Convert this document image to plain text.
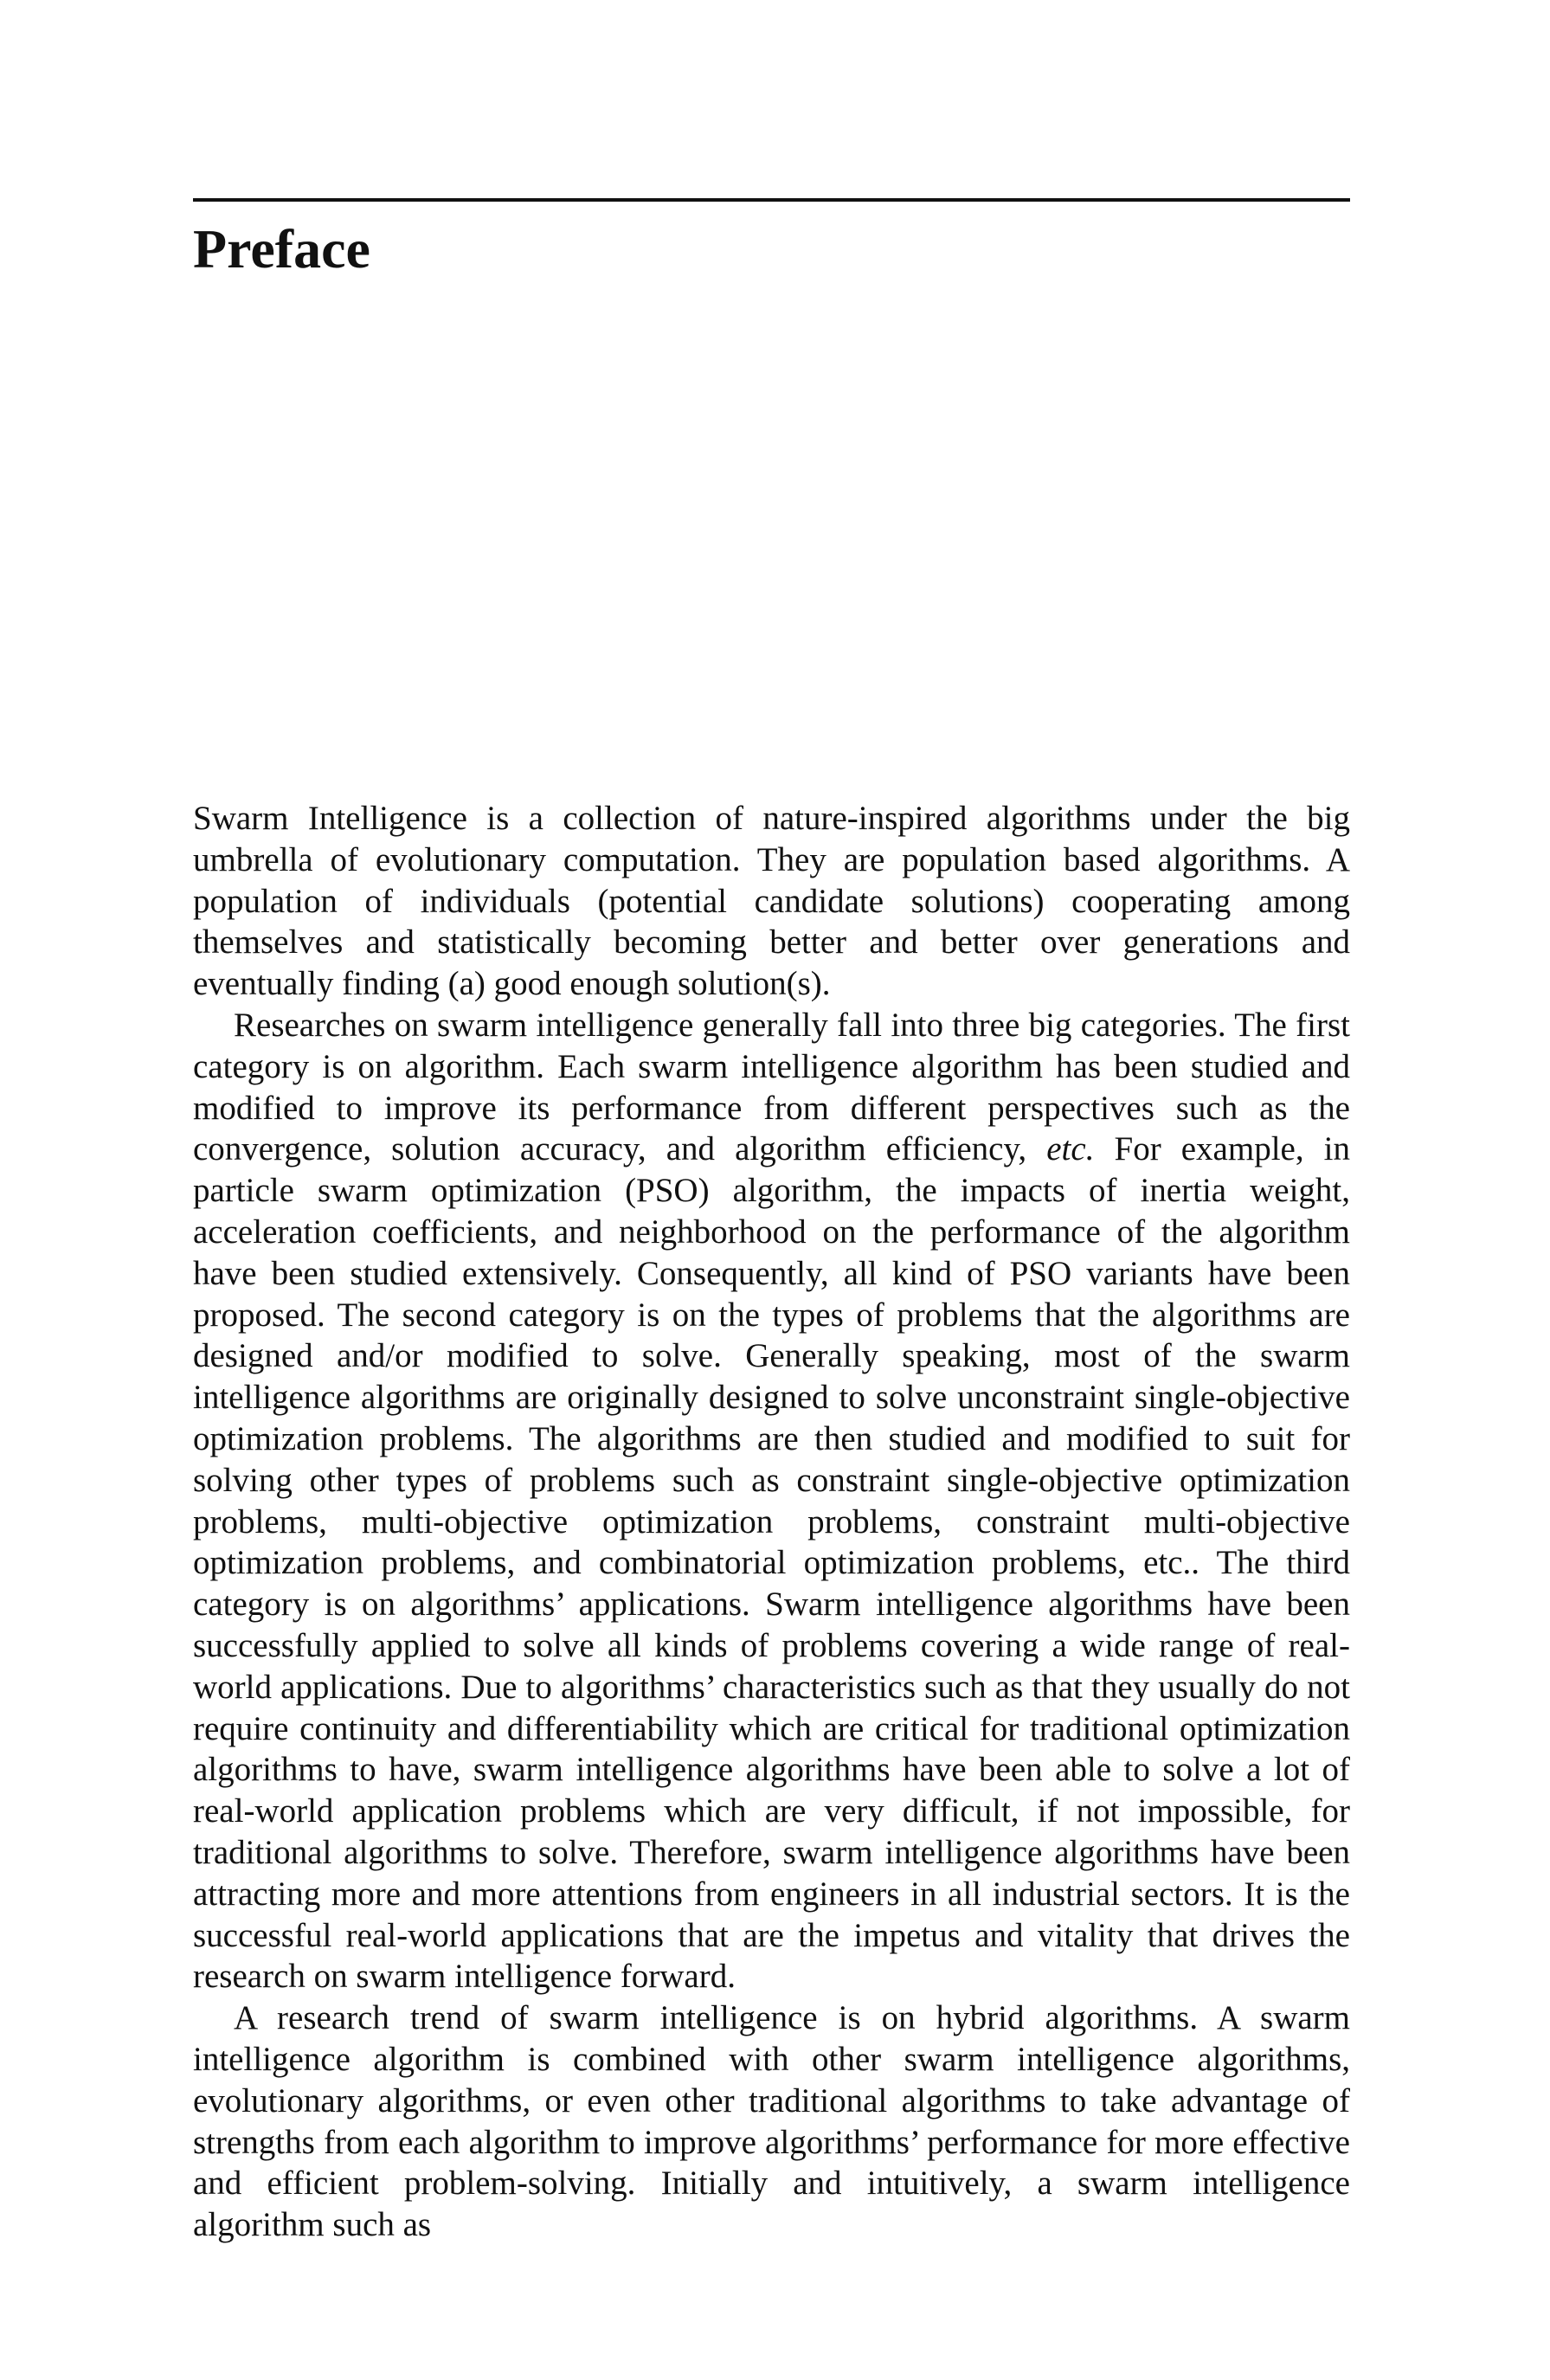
Preface

Swarm Intelligence is a collection of nature-inspired algorithms under the big umbrella of evolutionary computation. They are population based algorithms. A population of individuals (potential candidate solutions) cooperating among themselves and statistically becoming better and better over generations and eventually finding (a) good enough solution(s).

Researches on swarm intelligence generally fall into three big categories. The first category is on algorithm. Each swarm intelligence algorithm has been studied and modified to improve its performance from different perspectives such as the convergence, solution accuracy, and algorithm efficiency, etc. For example, in particle swarm optimization (PSO) algorithm, the impacts of inertia weight, acceleration coefficients, and neighborhood on the performance of the algorithm have been studied extensively. Consequently, all kind of PSO variants have been proposed. The second category is on the types of problems that the algorithms are designed and/or modified to solve. Generally speaking, most of the swarm intelligence algorithms are originally designed to solve unconstraint single-objective optimization problems. The algorithms are then studied and modified to suit for solving other types of problems such as constraint single-objective optimization problems, multi-objective optimization problems, constraint multi-objective optimization problems, and combinatorial optimization problems, etc.. The third category is on algorithms’ applications. Swarm intelligence algorithms have been successfully applied to solve all kinds of problems covering a wide range of real-world applications. Due to algorithms’ characteristics such as that they usually do not require continuity and differentiability which are critical for traditional optimization algorithms to have, swarm intelligence algorithms have been able to solve a lot of real-world application problems which are very difficult, if not impossible, for traditional algorithms to solve. Therefore, swarm intelligence algorithms have been attracting more and more attentions from engineers in all industrial sectors. It is the successful real-world applications that are the impetus and vitality that drives the research on swarm intelligence forward.

A research trend of swarm intelligence is on hybrid algorithms. A swarm intelligence algorithm is combined with other swarm intelligence algorithms, evolutionary algorithms, or even other traditional algorithms to take advantage of strengths from each algorithm to improve algorithms’ performance for more effective and efficient problem-solving. Initially and intuitively, a swarm intelligence algorithm such as
